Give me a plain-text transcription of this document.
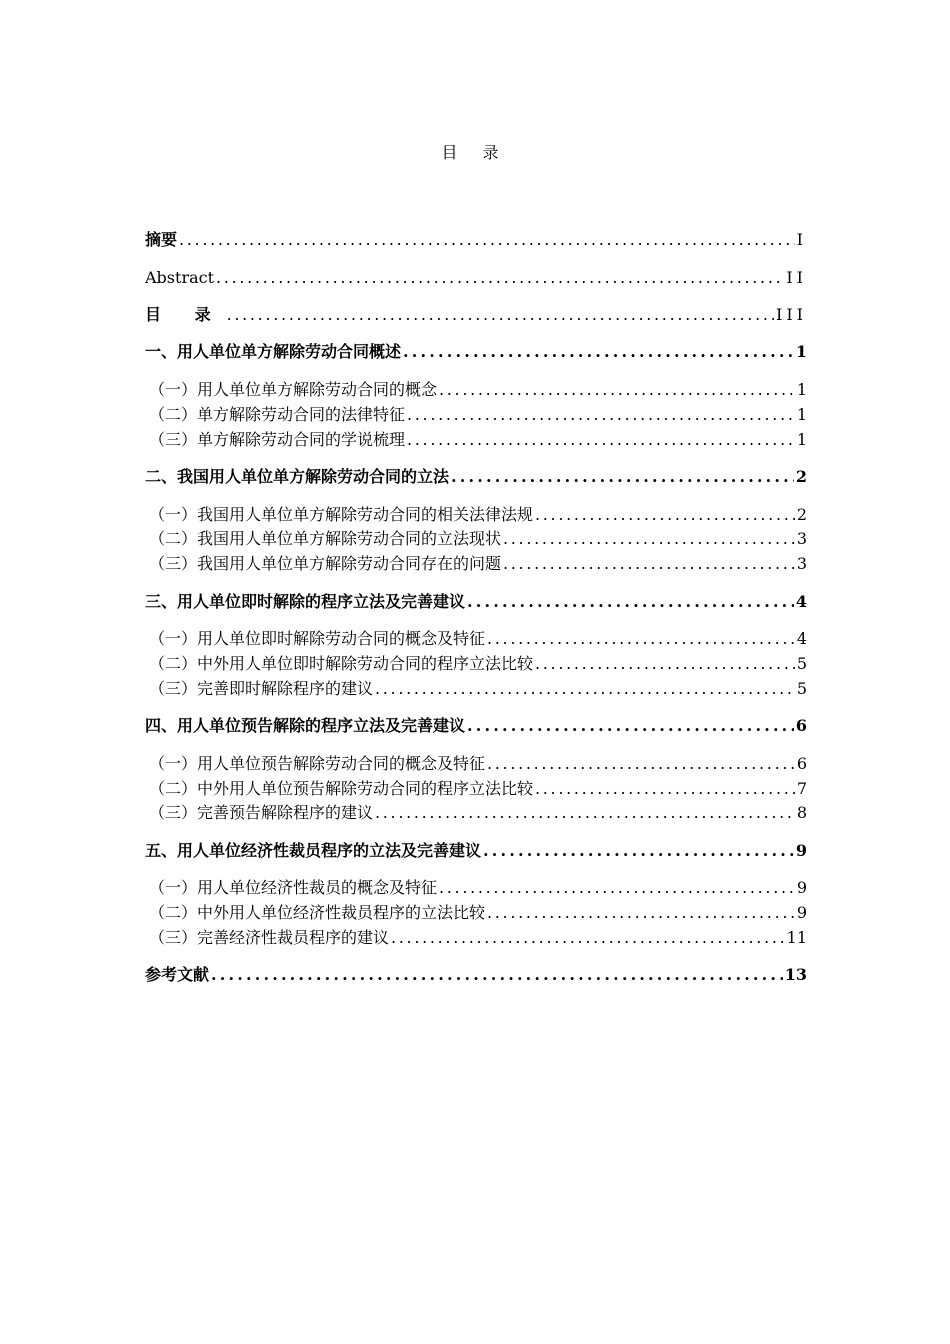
目 录
摘要 . . .	I
Abstract . . .	II
目 录 . . .	III
一、用人单位单方解除劳动合同概述 . . .	1
（一）用人单位单方解除劳动合同的概念 . . .	1
（二）单方解除劳动合同的法律特征 . . .	1
（三）单方解除劳动合同的学说梳理 . . .	1
二、我国用人单位单方解除劳动合同的立法 . . .	2
（一）我国用人单位单方解除劳动合同的相关法律法规 . . .	2
（二）我国用人单位单方解除劳动合同的立法现状 . . .	3
（三）我国用人单位单方解除劳动合同存在的问题 . . .	3
三、用人单位即时解除的程序立法及完善建议 . . .	4
（一）用人单位即时解除劳动合同的概念及特征 . . .	4
（二）中外用人单位即时解除劳动合同的程序立法比较 . . .	5
（三）完善即时解除程序的建议 . . .	5
四、用人单位预告解除的程序立法及完善建议 . . .	6
（一）用人单位预告解除劳动合同的概念及特征 . . .	6
（二）中外用人单位预告解除劳动合同的程序立法比较 . . .	7
（三）完善预告解除程序的建议 . . .	8
五、用人单位经济性裁员程序的立法及完善建议 . . .	9
（一）用人单位经济性裁员的概念及特征 . . .	9
（二）中外用人单位经济性裁员程序的立法比较 . . .	9
（三）完善经济性裁员程序的建议 . . .	11
参考文献 . . .	13
